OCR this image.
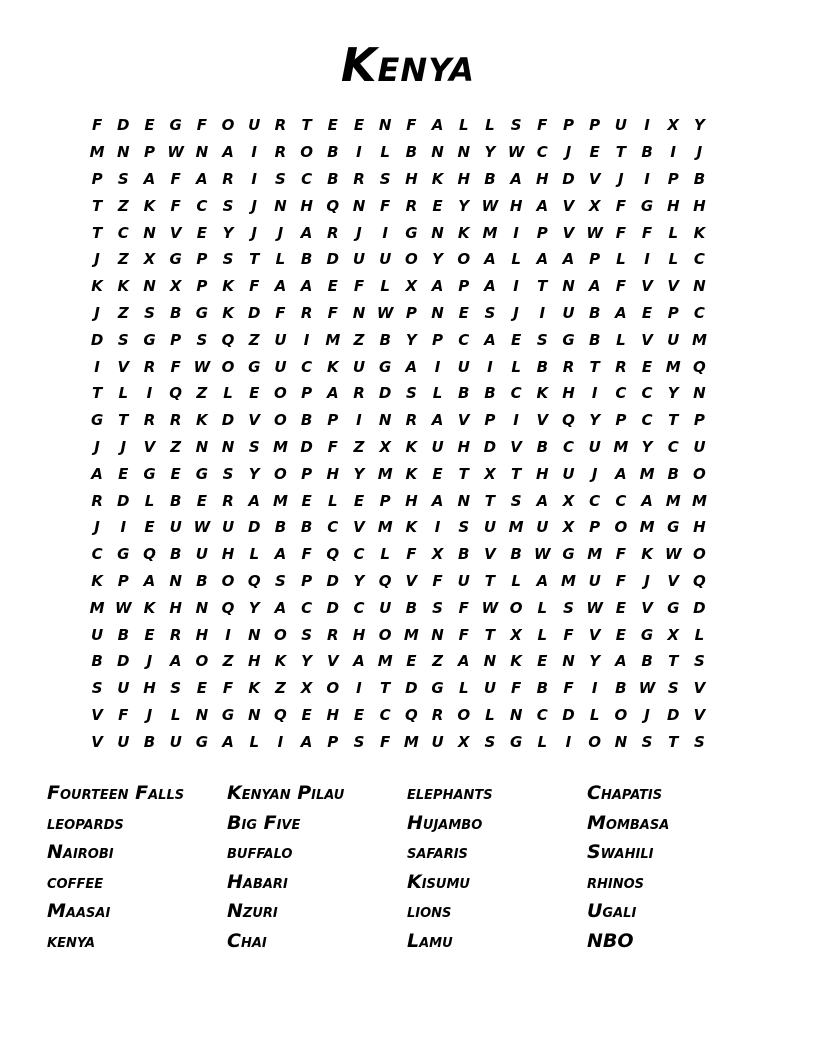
Kenya
F D E G F O U R	T	E	E N F	A	L	L	S	F	P	P U	I	X Y
M N P W N A	I	R O B	I	L	B N N Y W C	J	E	T	B	I	J
P	S A	F	A R	I	S	C B R	S H K H B A H D V	J	I	P B
T	Z K	F	C	S	J	N H Q N F	R	E	Y W H A V X	F G H H
T	C N V	E	Y	J	J	A R	J	I	G N K M	I	P V W F	F	L	K
J	Z X G P	S	T	L	B D U U O Y O A	L	A A P	L	I	L	C
K K N X P K	F	A A	E	F	L	X A P A	I	T N A	F	V V N
J	Z	S	B G K D F	R	F N W P N E	S	J	I	U B A	E	P	C
D S G P	S Q Z U	I	M Z	B	Y	P	C A	E	S G B	L	V U M
I	V R	F W O G U C K U G A	I	U	I	L	B R	T	R	E M Q
T	L	I	Q Z	L	E O P A R D S	L	B B C K H	I	C	C	Y N
G T	R R K D V O B P	I	N R A V P	I	V Q Y	P	C	T	P
J	J	V Z N N S M D F	Z X K U H D V B C U M Y	C U
A	E G E G S	Y O P H Y M K	E	T	X	T H U	J	A M B O
R D	L	B	E	R A M E	L	E	P H A N T	S A X C	C A M M
J	I	E U W U D B B C V M K	I	S U M U X P O M G H
C G Q B U H	L	A	F Q C	L	F	X B V B W G M F	K W O
K P A N B O Q S	P D Y Q V	F U T	L	A M U F	J	V Q
M W K H N Q Y A C D C U B	S	F W O	L	S W E	V G D
U B	E	R H	I	N O S	R H O M N F	T	X	L	F	V	E G X	L
B D	J	A O Z H K Y V A M E	Z A N K	E N Y A B	T	S
S U H S	E	F	K Z X O	I	T D G	L	U F	B	F	I	B W S V
V	F	J	L	N G N Q E H E	C Q R O	L	N C D	L	O	J	D V
V U B U G A	L	I	A P	S	F M U X	S G	L	I	O N S	T	S
Fourteen Falls	Kenyan Pilau	elephants	Chapatis
leopards	Big Five	Hujambo	Mombasa
Nairobi	buffalo	safaris	Swahili
coffee	Habari	Kisumu	rhinos
Maasai	Nzuri	lions	Ugali
kenya	Chai	Lamu	NBO
